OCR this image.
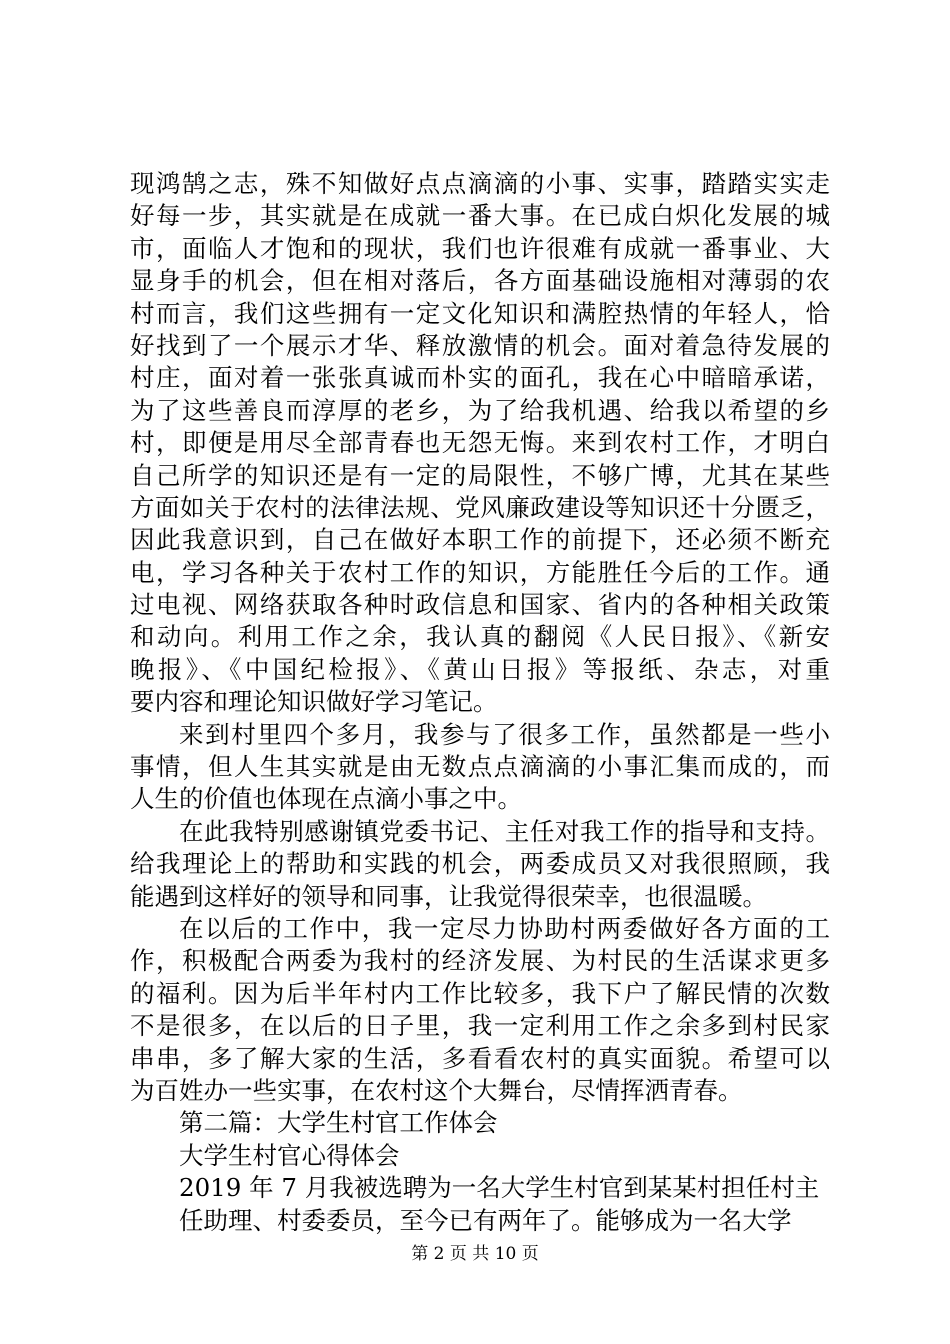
现鸿鹄之志，殊不知做好点点滴滴的小事、实事，踏踏实实走
好每一步，其实就是在成就一番大事。在已成白炽化发展的城
市，面临人才饱和的现状，我们也许很难有成就一番事业、大
显身手的机会，但在相对落后，各方面基础设施相对薄弱的农
村而言，我们这些拥有一定文化知识和满腔热情的年轻人，恰
好找到了一个展示才华、释放激情的机会。面对着急待发展的
村庄，面对着一张张真诚而朴实的面孔，我在心中暗暗承诺，
为了这些善良而淳厚的老乡，为了给我机遇、给我以希望的乡
村，即便是用尽全部青春也无怨无悔。来到农村工作，才明白
自己所学的知识还是有一定的局限性，不够广博，尤其在某些
方面如关于农村的法律法规、党风廉政建设等知识还十分匮乏，
因此我意识到，自己在做好本职工作的前提下，还必须不断充
电，学习各种关于农村工作的知识，方能胜任今后的工作。通
过电视、网络获取各种时政信息和国家、省内的各种相关政策
和动向。利用工作之余，我认真的翻阅《人民日报》、《新安
晚报》、《中国纪检报》、《黄山日报》等报纸、杂志，对重
要内容和理论知识做好学习笔记。
来到村里四个多月，我参与了很多工作，虽然都是一些小
事情，但人生其实就是由无数点点滴滴的小事汇集而成的，而
人生的价值也体现在点滴小事之中。
在此我特别感谢镇党委书记、主任对我工作的指导和支持。
给我理论上的帮助和实践的机会，两委成员又对我很照顾，我
能遇到这样好的领导和同事，让我觉得很荣幸，也很温暖。
在以后的工作中，我一定尽力协助村两委做好各方面的工
作，积极配合两委为我村的经济发展、为村民的生活谋求更多
的福利。因为后半年村内工作比较多，我下户了解民情的次数
不是很多，在以后的日子里，我一定利用工作之余多到村民家
串串，多了解大家的生活，多看看农村的真实面貌。希望可以
为百姓办一些实事，在农村这个大舞台，尽情挥洒青春。
第二篇：大学生村官工作体会
大学生村官心得体会
2019 年 7 月我被选聘为一名大学生村官到某某村担任村主
任助理、村委委员，至今已有两年了。能够成为一名大学
第 2 页 共 10 页
